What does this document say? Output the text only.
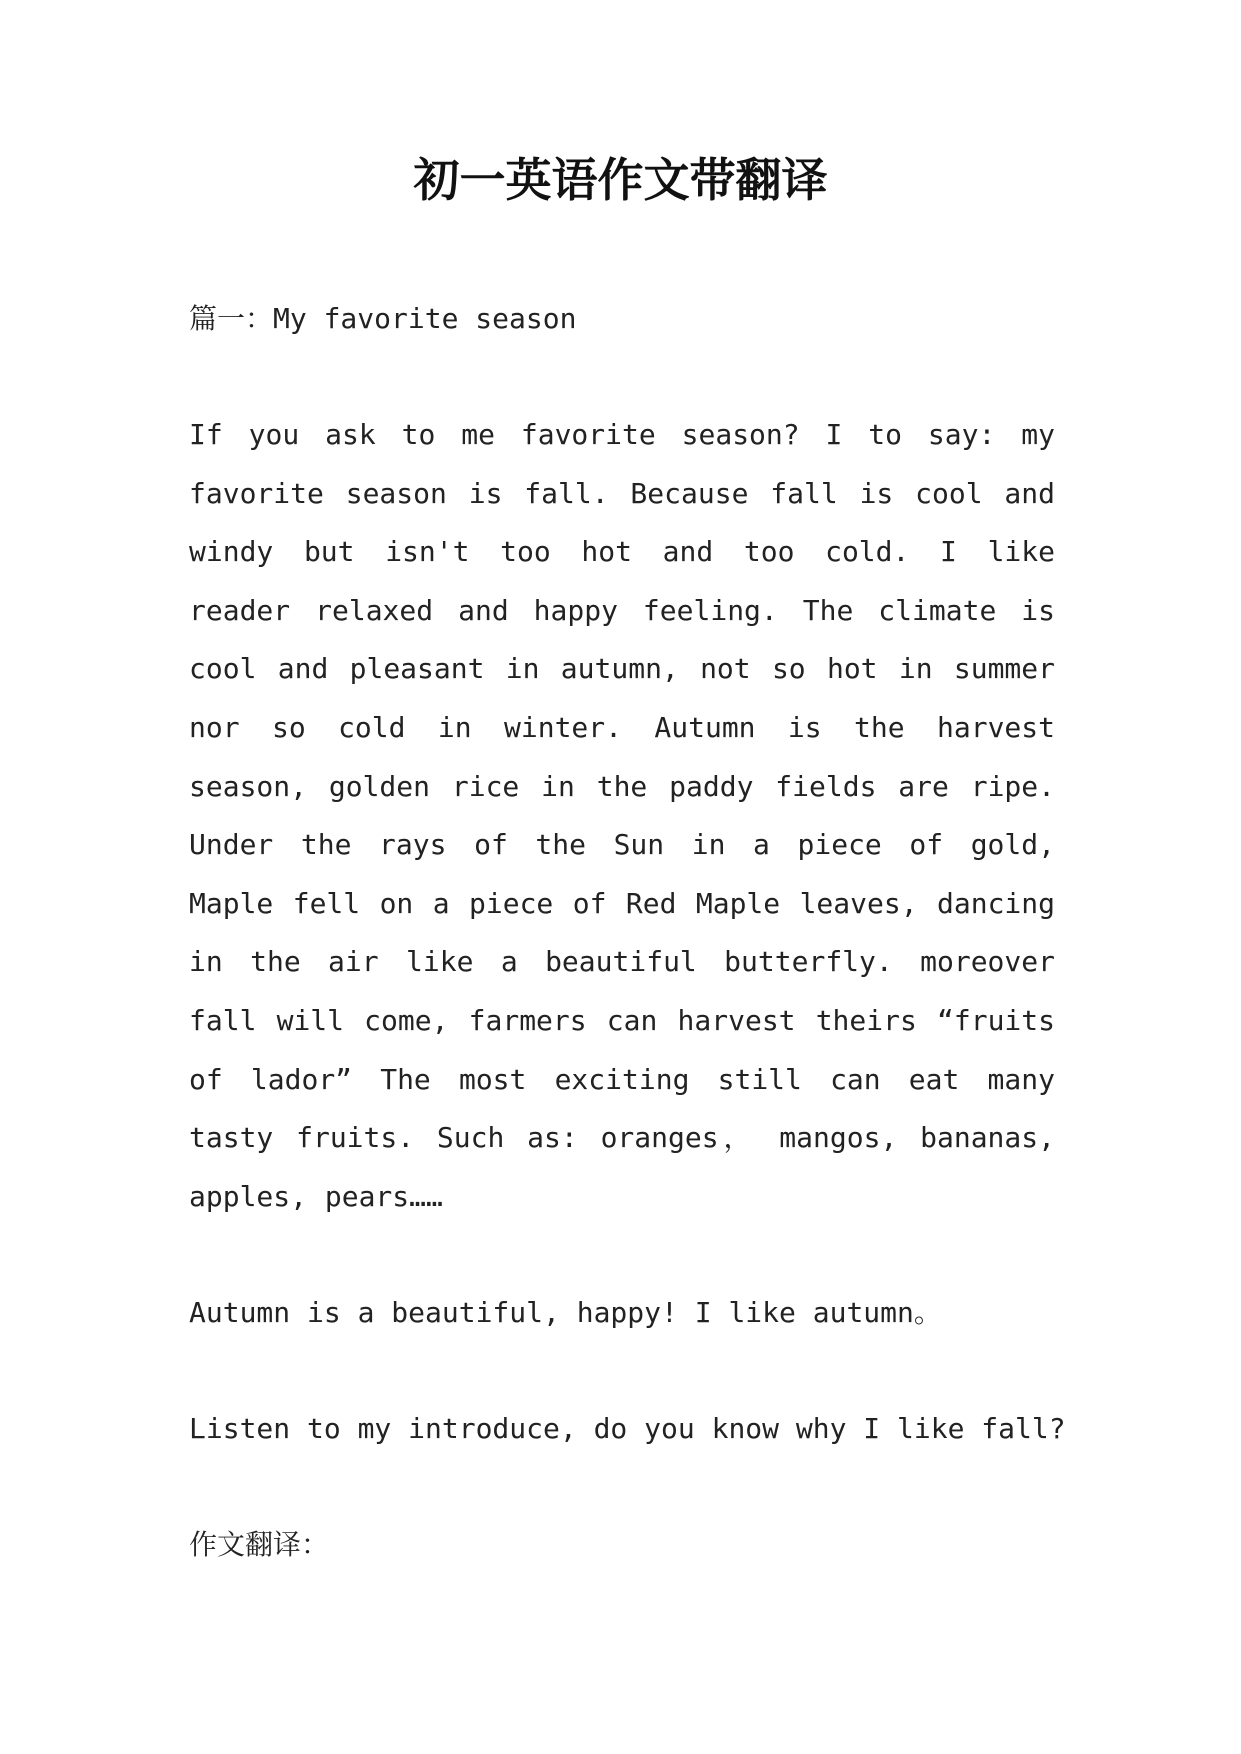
初一英语作文带翻译

篇一：My favorite season

If you ask to me favorite season? I to say: my favorite season is fall. Because fall is cool and windy but isn't too hot and too cold. I like reader relaxed and happy feeling. The climate is cool and pleasant in autumn, not so hot in summer nor so cold in winter. Autumn is the harvest season, golden rice in the paddy fields are ripe. Under the rays of the Sun in a piece of gold, Maple fell on a piece of Red Maple leaves, dancing in the air like a beautiful butterfly. moreover fall will come, farmers can harvest theirs “fruits of lador” The most exciting still can eat many tasty fruits. Such as: oranges， mangos, bananas, apples, pears……

Autumn is a beautiful, happy! I like autumn。

Listen to my introduce, do you know why I like fall?

作文翻译：
